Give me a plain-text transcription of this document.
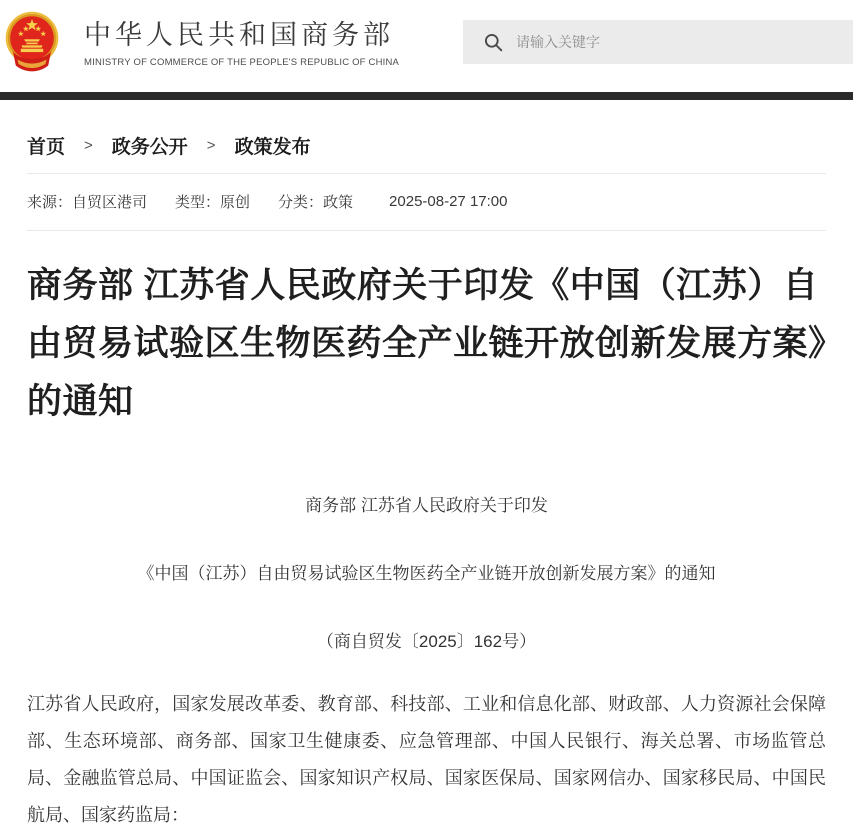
中华人民共和国商务部
MINISTRY OF COMMERCE OF THE PEOPLE'S REPUBLIC OF CHINA
请输入关键字
首页 > 政务公开 > 政策发布
来源：自贸区港司 类型：原创 分类：政策 2025-08-27 17:00
商务部 江苏省人民政府关于印发《中国（江苏）自由贸易试验区生物医药全产业链开放创新发展方案》的通知

商务部 江苏省人民政府关于印发

《中国（江苏）自由贸易试验区生物医药全产业链开放创新发展方案》的通知

（商自贸发〔2025〕162号）

江苏省人民政府，国家发展改革委、教育部、科技部、工业和信息化部、财政部、人力资源社会保障部、生态环境部、商务部、国家卫生健康委、应急管理部、中国人民银行、海关总署、市场监管总局、金融监管总局、中国证监会、国家知识产权局、国家医保局、国家网信办、国家移民局、中国民航局、国家药监局：
